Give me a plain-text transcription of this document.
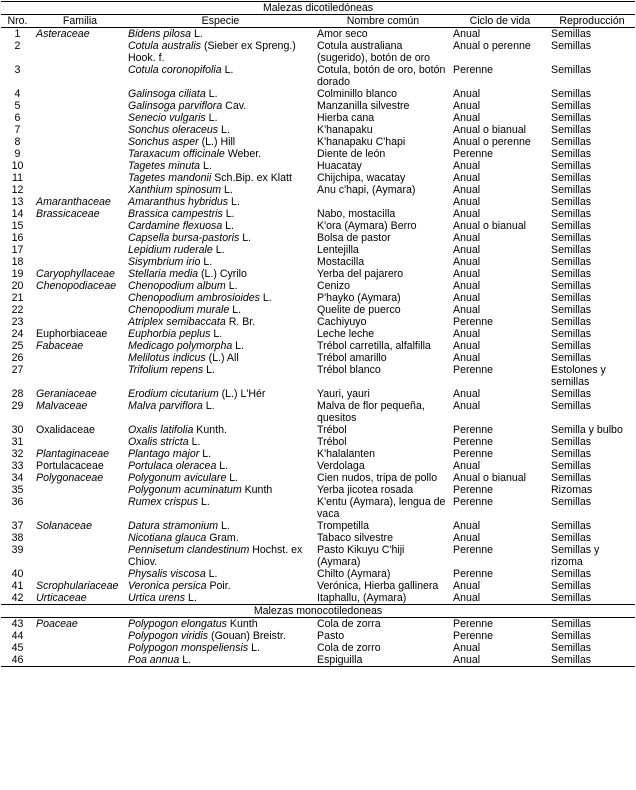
Malezas dicotiledóneas					
Nro.	Familia	Especie	Nombre común	Ciclo de vida	Reproducción
1	Asteraceae	Bidens pilosa L.	Amor seco	Anual	Semillas
2		Cotula australis (Sieber ex Spreng.) Hook. f.	Cotula australiana (sugerido), botón de oro	Anual o perenne	Semillas
3		Cotula coronopifolia L.	Cotula, botón de oro, botón dorado	Perenne	Semillas
4		Galinsoga ciliata L.	Colminillo blanco	Anual	Semillas
5		Galinsoga parviflora Cav.	Manzanilla silvestre	Anual	Semillas
6		Senecio vulgaris L.	Hierba cana	Anual	Semillas
7		Sonchus oleraceus L.	K'hanapaku	Anual o bianual	Semillas
8		Sonchus asper (L.) Hill	K'hanapaku C'hapi	Anual o perenne	Semillas
9		Taraxacum officinale Weber.	Diente de león	Perenne	Semillas
10		Tagetes minuta L.	Huacatay	Anual	Semillas
11		Tagetes mandonii Sch.Bip. ex Klatt	Chijchipa, wacatay	Anual	Semillas
12		Xanthium spinosum L.	Anu c'hapi, (Aymara)	Anual	Semillas
13	Amaranthaceae	Amaranthus hybridus L.		Anual	Semillas
14	Brassicaceae	Brassica campestris L.	Nabo, mostacilla	Anual	Semillas
15		Cardamine flexuosa L.	K'ora (Aymara) Berro	Anual o bianual	Semillas
16		Capsella bursa-pastoris L.	Bolsa de pastor	Anual	Semillas
17		Lepidium ruderale L.	Lentejilla	Anual	Semillas
18		Sisymbrium irio L.	Mostacilla	Anual	Semillas
19	Caryophyllaceae	Stellaria media (L.) Cyrilo	Yerba del pajarero	Anual	Semillas
20	Chenopodiaceae	Chenopodium album L.	Cenizo	Anual	Semillas
21		Chenopodium ambrosioides L.	P'hayko (Aymara)	Anual	Semillas
22		Chenopodium murale L.	Quelite de puerco	Anual	Semillas
23		Atriplex semibaccata R. Br.	Cachiyuyo	Perenne	Semillas
24	Euphorbiaceae	Euphorbia peplus L.	Leche leche	Anual	Semillas
25	Fabaceae	Medicago polymorpha L.	Trébol carretilla, alfalfilla	Anual	Semillas
26		Melilotus indicus (L.) All	Trébol amarillo	Anual	Semillas
27		Trifolium repens L.	Trébol blanco	Perenne	Estolones y semillas
28	Geraniaceae	Erodium cicutarium (L.) L'Hér	Yauri, yauri	Anual	Semillas
29	Malvaceae	Malva parviflora L.	Malva de flor pequeña, quesitos	Anual	Semillas
30	Oxalidaceae	Oxalis latifolia Kunth.	Trébol	Perenne	Semilla y bulbo
31		Oxalis stricta L.	Trébol	Perenne	Semillas
32	Plantaginaceae	Plantago major L.	K'halalanten	Perenne	Semillas
33	Portulacaceae	Portulaca oleracea L.	Verdolaga	Anual	Semillas
34	Polygonaceae	Polygonum aviculare L.	Cien nudos, tripa de pollo	Anual o bianual	Semillas
35		Polygonum acuminatum Kunth	Yerba jicotea rosada	Perenne	Rizomas
36		Rumex crispus L.	K'entu (Aymara), lengua de vaca	Perenne	Semillas
37	Solanaceae	Datura stramonium L.	Trompetilla	Anual	Semillas
38		Nicotiana glauca Gram.	Tabaco silvestre	Anual	Semillas
39		Pennisetum clandestinum Hochst. ex Chiov.	Pasto Kikuyu C'hiji (Aymara)	Perenne	Semillas y rizoma
40		Physalis viscosa L.	Chilto (Aymara)	Perenne	Semillas
41	Scrophulariaceae	Veronica persica Poir.	Verónica, Hierba gallinera	Anual	Semillas
42	Urticaceae	Urtica urens L.	Itaphallu, (Aymara)	Anual	Semillas
Malezas monocotiledoneas					
43	Poaceae	Polypogon elongatus Kunth	Cola de zorra	Perenne	Semillas
44		Polypogon viridis (Gouan) Breistr.	Pasto	Perenne	Semillas
45		Polypogon monspeliensis L.	Cola de zorro	Anual	Semillas
46		Poa annua L.	Espiguilla	Anual	Semillas
